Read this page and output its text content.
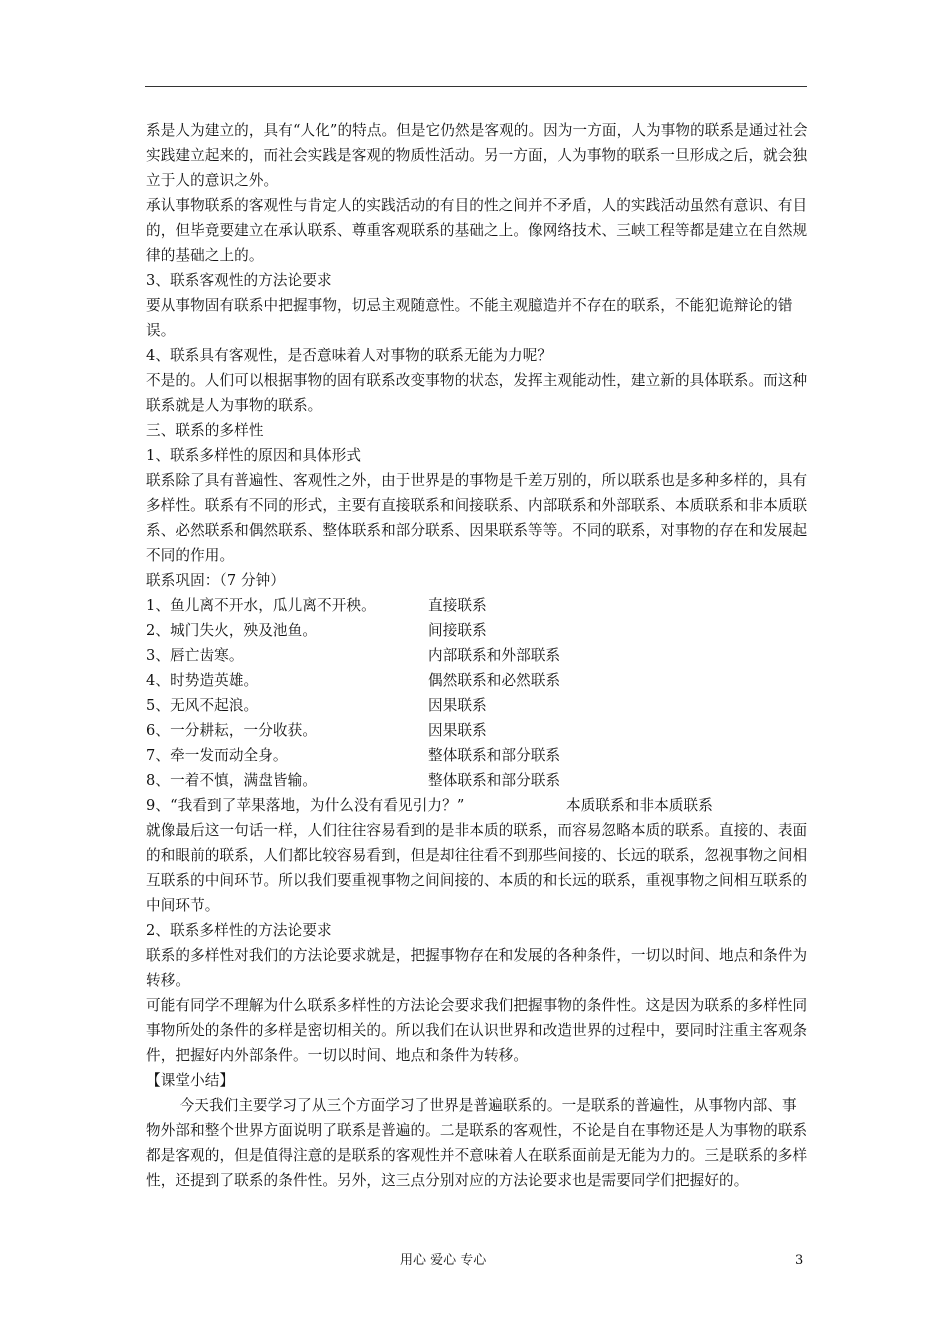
系是人为建立的，具有“人化”的特点。但是它仍然是客观的。因为一方面，人为事物的联系是通过社会实践建立起来的，而社会实践是客观的物质性活动。另一方面，人为事物的联系一旦形成之后，就会独立于人的意识之外。

承认事物联系的客观性与肯定人的实践活动的有目的性之间并不矛盾，人的实践活动虽然有意识、有目的，但毕竟要建立在承认联系、尊重客观联系的基础之上。像网络技术、三峡工程等都是建立在自然规律的基础之上的。

3、联系客观性的方法论要求

要从事物固有联系中把握事物，切忌主观随意性。不能主观臆造并不存在的联系，不能犯诡辩论的错误。

4、联系具有客观性，是否意味着人对事物的联系无能为力呢？

不是的。人们可以根据事物的固有联系改变事物的状态，发挥主观能动性，建立新的具体联系。而这种联系就是人为事物的联系。

三、联系的多样性

1、联系多样性的原因和具体形式

联系除了具有普遍性、客观性之外，由于世界是的事物是千差万别的，所以联系也是多种多样的，具有多样性。联系有不同的形式，主要有直接联系和间接联系、内部联系和外部联系、本质联系和非本质联系、必然联系和偶然联系、整体联系和部分联系、因果联系等等。不同的联系，对事物的存在和发展起不同的作用。

联系巩固：（7 分钟）

1、鱼儿离不开水，瓜儿离不开秧。	直接联系
2、城门失火，殃及池鱼。	间接联系
3、唇亡齿寒。	内部联系和外部联系
4、时势造英雄。	偶然联系和必然联系
5、无风不起浪。	因果联系
6、一分耕耘，一分收获。	因果联系
7、牵一发而动全身。	整体联系和部分联系
8、一着不慎，满盘皆输。	整体联系和部分联系
9、“我看到了苹果落地，为什么没有看见引力？”	本质联系和非本质联系

就像最后这一句话一样，人们往往容易看到的是非本质的联系，而容易忽略本质的联系。直接的、表面的和眼前的联系，人们都比较容易看到，但是却往往看不到那些间接的、长远的联系，忽视事物之间相互联系的中间环节。所以我们要重视事物之间间接的、本质的和长远的联系，重视事物之间相互联系的中间环节。

2、联系多样性的方法论要求

联系的多样性对我们的方法论要求就是，把握事物存在和发展的各种条件，一切以时间、地点和条件为转移。

可能有同学不理解为什么联系多样性的方法论会要求我们把握事物的条件性。这是因为联系的多样性同事物所处的条件的多样是密切相关的。所以我们在认识世界和改造世界的过程中，要同时注重主客观条件，把握好内外部条件。一切以时间、地点和条件为转移。

【课堂小结】

今天我们主要学习了从三个方面学习了世界是普遍联系的。一是联系的普遍性，从事物内部、事物外部和整个世界方面说明了联系是普遍的。二是联系的客观性，不论是自在事物还是人为事物的联系都是客观的，但是值得注意的是联系的客观性并不意味着人在联系面前是无能为力的。三是联系的多样性，还提到了联系的条件性。另外，这三点分别对应的方法论要求也是需要同学们把握好的。

用心 爱心 专心	3
